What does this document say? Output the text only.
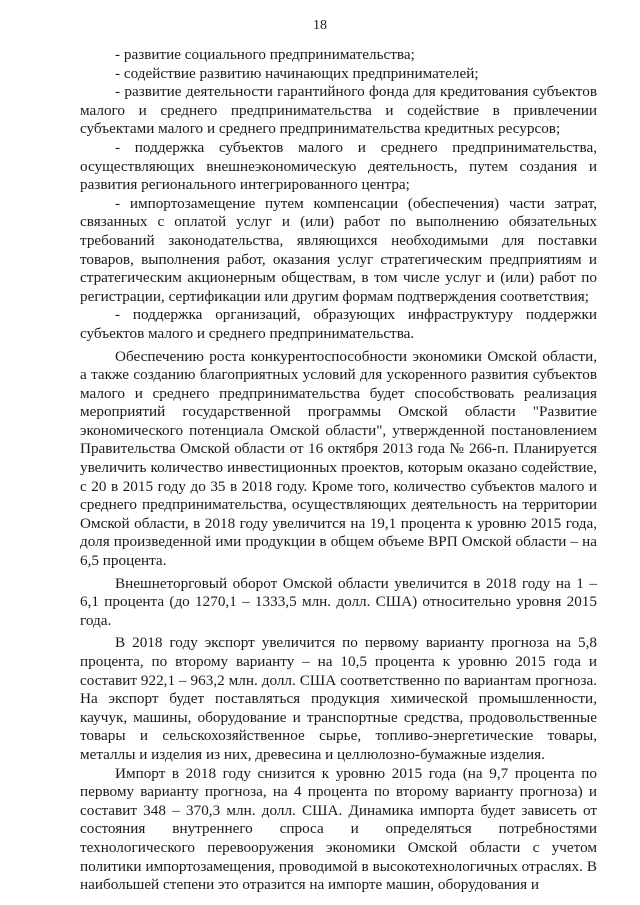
18

- развитие социального предпринимательства;

- содействие развитию начинающих предпринимателей;

- развитие деятельности гарантийного фонда для кредитования субъектов малого и среднего предпринимательства и содействие в привлечении субъектами малого и среднего предпринимательства кредитных ресурсов;

- поддержка субъектов малого и среднего предпринимательства, осуществляющих внешнеэкономическую деятельность, путем создания и развития регионального интегрированного центра;

- импортозамещение путем компенсации (обеспечения) части затрат, связанных с оплатой услуг и (или) работ по выполнению обязательных требований законодательства, являющихся необходимыми для поставки товаров, выполнения работ, оказания услуг стратегическим предприятиям и стратегическим акционерным обществам, в том числе услуг и (или) работ по регистрации, сертификации или другим формам подтверждения соответствия;

- поддержка организаций, образующих инфраструктуру поддержки субъектов малого и среднего предпринимательства.

Обеспечению роста конкурентоспособности экономики Омской области, а также созданию благоприятных условий для ускоренного развития субъектов малого и среднего предпринимательства будет способствовать реализация мероприятий государственной программы Омской области "Развитие экономического потенциала Омской области", утвержденной постановлением Правительства Омской области от 16 октября 2013 года № 266-п. Планируется увеличить количество инвестиционных проектов, которым оказано содействие, с 20 в 2015 году до 35 в 2018 году. Кроме того, количество субъектов малого и среднего предпринимательства, осуществляющих деятельность на территории Омской области, в 2018 году увеличится на 19,1 процента к уровню 2015 года, доля произведенной ими продукции в общем объеме ВРП Омской области – на 6,5 процента.

Внешнеторговый оборот Омской области увеличится в 2018 году на 1 – 6,1 процента (до 1270,1 – 1333,5 млн. долл. США) относительно уровня 2015 года.

В 2018 году экспорт увеличится по первому варианту прогноза на 5,8 процента, по второму варианту – на 10,5 процента к уровню 2015 года и составит 922,1 – 963,2 млн. долл. США соответственно по вариантам прогноза. На экспорт будет поставляться продукция химической промышленности, каучук, машины, оборудование и транспортные средства, продовольственные товары и сельскохозяйственное сырье, топливо-энергетические товары, металлы и изделия из них, древесина и целлюлозно-бумажные изделия.

Импорт в 2018 году снизится к уровню 2015 года (на 9,7 процента по первому варианту прогноза, на 4 процента по второму варианту прогноза) и составит 348 – 370,3 млн. долл. США. Динамика импорта будет зависеть от состояния внутреннего спроса и определяться потребностями технологического перевооружения экономики Омской области с учетом политики импортозамещения, проводимой в высокотехнологичных отраслях. В наибольшей степени это отразится на импорте машин, оборудования и
